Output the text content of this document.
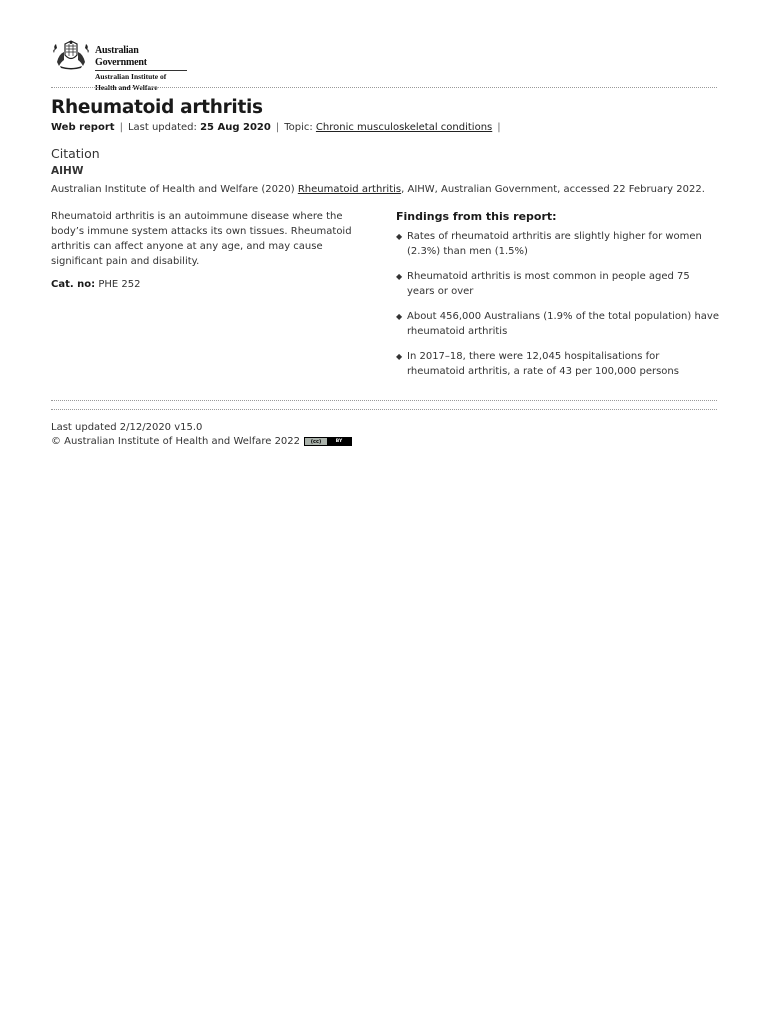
Australian Government
Australian Institute of
Health and Welfare
Rheumatoid arthritis
Web report | Last updated: 25 Aug 2020 | Topic: Chronic musculoskeletal conditions |
Citation
AIHW
Australian Institute of Health and Welfare (2020) Rheumatoid arthritis, AIHW, Australian Government, accessed 22 February 2022.
Rheumatoid arthritis is an autoimmune disease where the body’s immune system attacks its own tissues. Rheumatoid arthritis can affect anyone at any age, and may cause significant pain and disability.
Cat. no: PHE 252
Findings from this report:
◆ Rates of rheumatoid arthritis are slightly higher for women (2.3%) than men (1.5%)
◆ Rheumatoid arthritis is most common in people aged 75 years or over
◆ About 456,000 Australians (1.9% of the total population) have rheumatoid arthritis
◆ In 2017–18, there were 12,045 hospitalisations for rheumatoid arthritis, a rate of 43 per 100,000 persons
Last updated 2/12/2020 v15.0
© Australian Institute of Health and Welfare 2022	(cc)	BY
